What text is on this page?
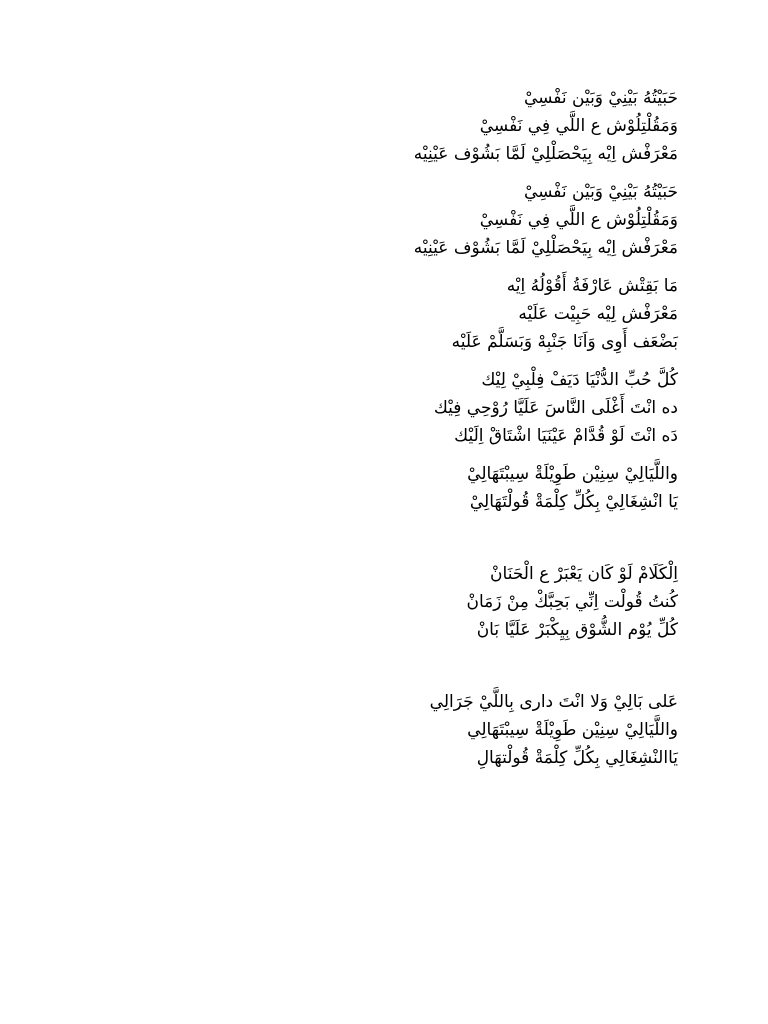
حَبَيْتُهُ بَيْنِيْ وَبَيْن نَفْسِيْ
وَمَقُلْتِلُوْش ع اللَّي فِي نَفْسِيْ
مَعْرَفْش اِيْه بِيَحْصَلْلِيْ لَمَّا بَشُوْف عَيْنِيْه
حَبَيْتُهُ بَيْنِيْ وَبَيْن نَفْسِيْ
وَمَقُلْتِلُوْش ع اللَّي فِي نَفْسِيْ
مَعْرَفْش اِيْه بِيَحْصَلْلِيْ لَمَّا بَشُوْف عَيْنِيْه
مَا بَقِتْش عَارْفَةُ أَقُوْلُهُ اِيْه
مَعْرَفْش لِيْه حَبِيْت عَلَيْه
بَضْعَف أَوِى وَاَنَا جَنْبِهْ وَبَسَلَّمْ عَلَيْه
كُلَّ حُبِّ الدُّنْيَا دَيَفْ فِلْبِيْ لِيْك
ده انْتَ أَغْلَى النَّاسَ عَلَيَّا رُوْحِي فِيْك
دَه انْتَ لَوْ قُدَّامْ عَيْنَيَا اشْتَاقْ اِلَيْك
واللَّيَالِيْ سِنِيْن طَوِيْلَةْ سِيبْتَهَالِيْ
يَا انْشِغَالِيْ بِكُلِّ كِلْمَةْ قُولْتَهَالِيْ
اِلْكَلَامْ لَوْ كَان يَعْبَرْ ع الْحَنَانْ
كُنتُ قُولْت اِنِّي بَحِبَّكْ مِنْ زَمَانْ
كُلِّ يُوْم الشُّوْق بِيِكْبَرْ عَلَيَّا بَانْ
عَلى بَالِيْ وَلا انْتَ دارى بِاللَّيْ جَرَالِي
واللَّيَالِيْ سِنِيْن طَوِيْلَةْ سِيبْتَهَالِي
يَاالنْشِغَالِي بِكُلِّ كِلْمَةْ قُولْتهَالِ
